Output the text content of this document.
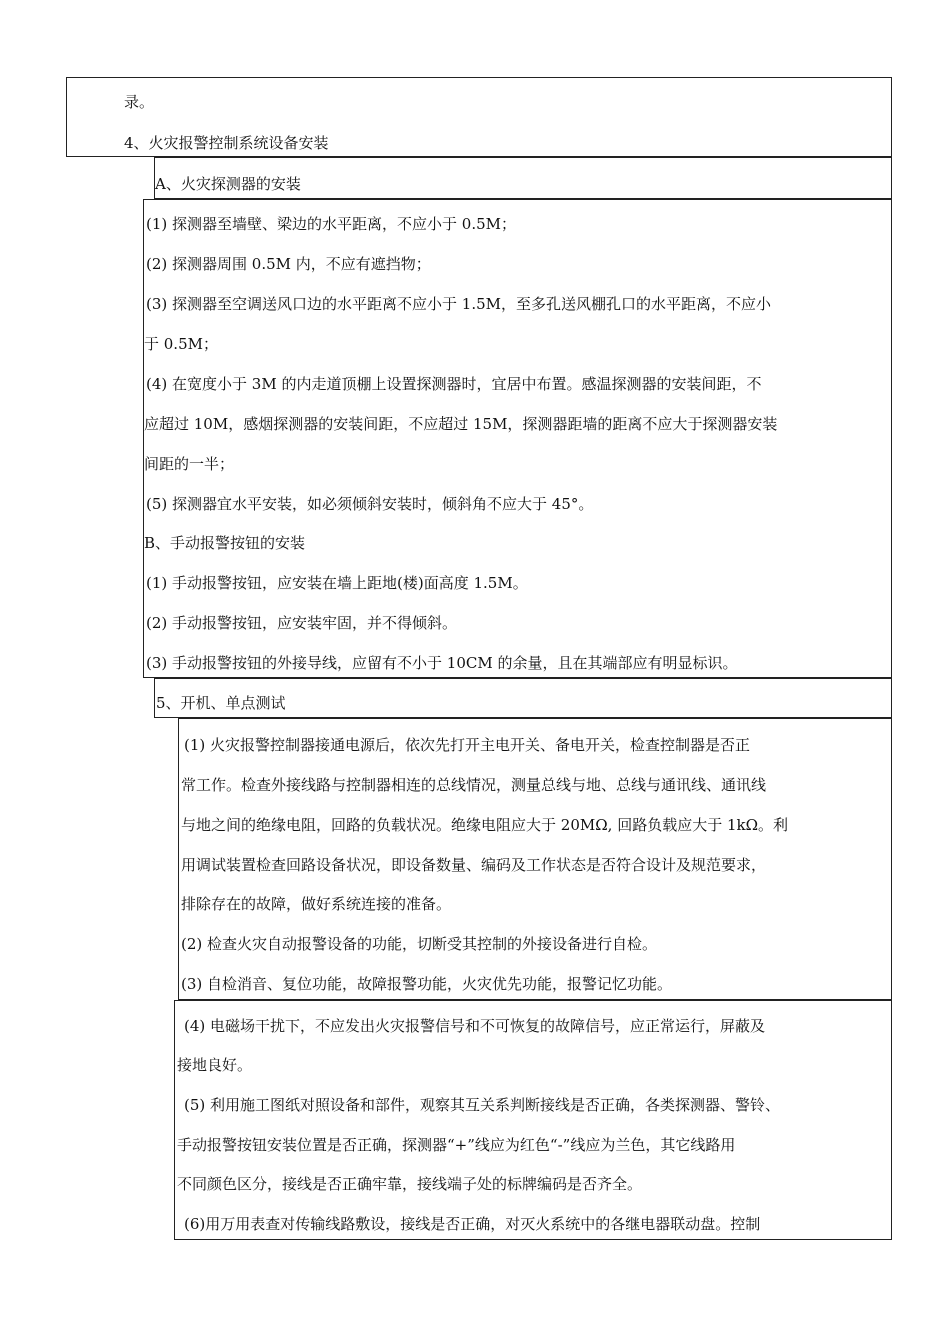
录。
4、火灾报警控制系统设备安装
A、火灾探测器的安装
(1) 探测器至墙壁、梁边的水平距离，不应小于 0.5M；
(2) 探测器周围 0.5M 内，不应有遮挡物；
(3) 探测器至空调送风口边的水平距离不应小于 1.5M，至多孔送风棚孔口的水平距离，不应小
于 0.5M；
(4) 在宽度小于 3M 的内走道顶棚上设置探测器时，宜居中布置。感温探测器的安装间距，不
应超过 10M，感烟探测器的安装间距，不应超过 15M，探测器距墙的距离不应大于探测器安装
间距的一半；
(5) 探测器宜水平安装，如必须倾斜安装时，倾斜角不应大于 45°。
B、手动报警按钮的安装
(1) 手动报警按钮，应安装在墙上距地(楼)面高度 1.5M。
(2) 手动报警按钮，应安装牢固，并不得倾斜。
(3) 手动报警按钮的外接导线，应留有不小于 10CM 的余量，且在其端部应有明显标识。
5、开机、单点测试
(1) 火灾报警控制器接通电源后，依次先打开主电开关、备电开关，检查控制器是否正
常工作。检查外接线路与控制器相连的总线情况，测量总线与地、总线与通讯线、通讯线
与地之间的绝缘电阻，回路的负载状况。绝缘电阻应大于 20MΩ, 回路负载应大于 1kΩ。利
用调试装置检查回路设备状况，即设备数量、编码及工作状态是否符合设计及规范要求，
排除存在的故障，做好系统连接的准备。
(2) 检查火灾自动报警设备的功能，切断受其控制的外接设备进行自检。
(3) 自检消音、复位功能，故障报警功能，火灾优先功能，报警记忆功能。
(4) 电磁场干扰下，不应发出火灾报警信号和不可恢复的故障信号，应正常运行，屏蔽及
接地良好。
(5) 利用施工图纸对照设备和部件，观察其互关系判断接线是否正确，各类探测器、警铃、
手动报警按钮安装位置是否正确，探测器“+”线应为红色“-”线应为兰色，其它线路用
不同颜色区分，接线是否正确牢靠，接线端子处的标牌编码是否齐全。
(6)用万用表查对传输线路敷设，接线是否正确，对灭火系统中的各继电器联动盘。控制
